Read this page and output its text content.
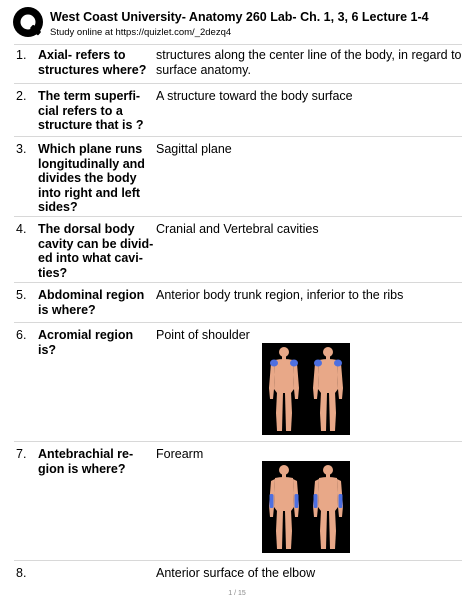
West Coast University- Anatomy 260 Lab- Ch. 1, 3, 6 Lecture 1-4
Study online at https://quizlet.com/_2dezq4
1. Axial- refers to structures where?
structures along the center line of the body, in regard to surface anatomy.
2. The term superfi-cial refers to a structure that is ?
A structure toward the body surface
3. Which plane runs longitudinally and divides the body into right and left sides?
Sagittal plane
4. The dorsal body cavity can be divid-ed into what cavi-ties?
Cranial and Vertebral cavities
5. Abdominal region is where?
Anterior body trunk region, inferior to the ribs
6. Acromial region is?
Point of shoulder
7. Antebrachial re-gion is where?
Forearm
8.	Anterior surface of the elbow
1 / 15
